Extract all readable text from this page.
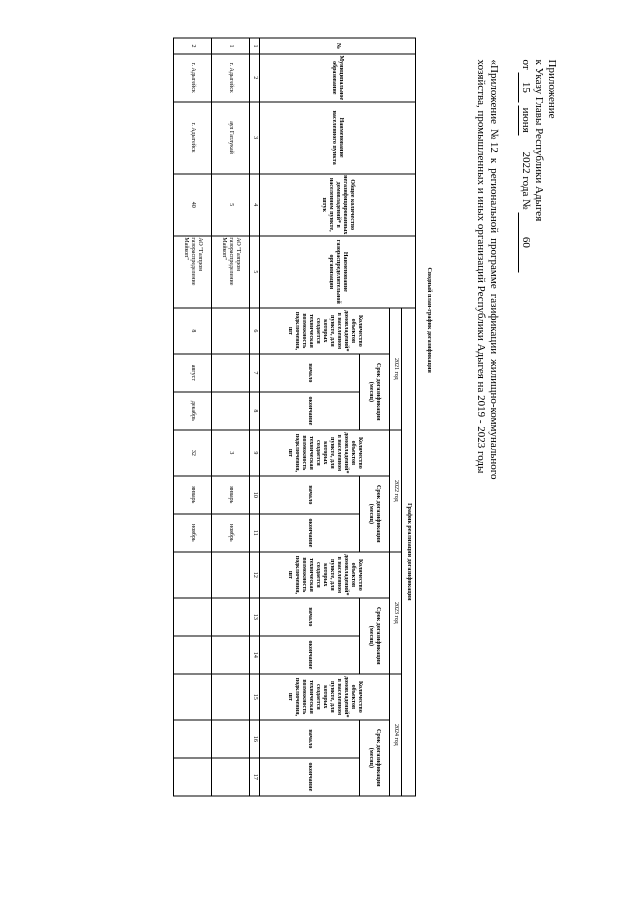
Приложение
к Указу Главы Республики Адыгея
от 15 июня      2022 года № 60
«Приложение №12 к региональной программе газификации жилищно-коммунального хозяйства, промышленных и иных организаций Республики Адыгея на 2019 - 2023 годы
Сводный план-график догазификации
№	Муниципальное образование	Наименование населенного пункта	Общее количество негазифицированных домовладений* в населенном пункте, штук	Наименование газораспределительной организации	График реализации догазификации											
					2021 год			2022 год			2023 год			2024 год		
					Количество объектов домовладений* в населенном пункте, для которых создается техническая возможность подключения, шт	Срок догазификации (месяц)		Количество объектов домовладений* в населенном пункте, для которых создается техническая возможность подключения, шт	Срок догазификации (месяц)		Количество объектов домовладений* в населенном пункте, для которых создается техническая возможность подключения, шт	Срок догазификации (месяц)		Количество объектов домовладений* в населенном пункте, для которых создается техническая возможность подключения, шт	Срок догазификации (месяц)	
						начало	окончание		начало	окончание		начало	окончание		начало	окончание
1	2	3	4	5	6	7	8	9	10	11	12	13	14	15	16	17
1	г. Адыгейск	аул Гатлукай	5	АО "Газпром газораспределение Майкоп"				3	январь	ноябрь						
2	г. Адыгейск	г. Адыгейск	40	АО "Газпром газораспределение Майкоп"	8	август	декабрь	32	январь	ноябрь						
